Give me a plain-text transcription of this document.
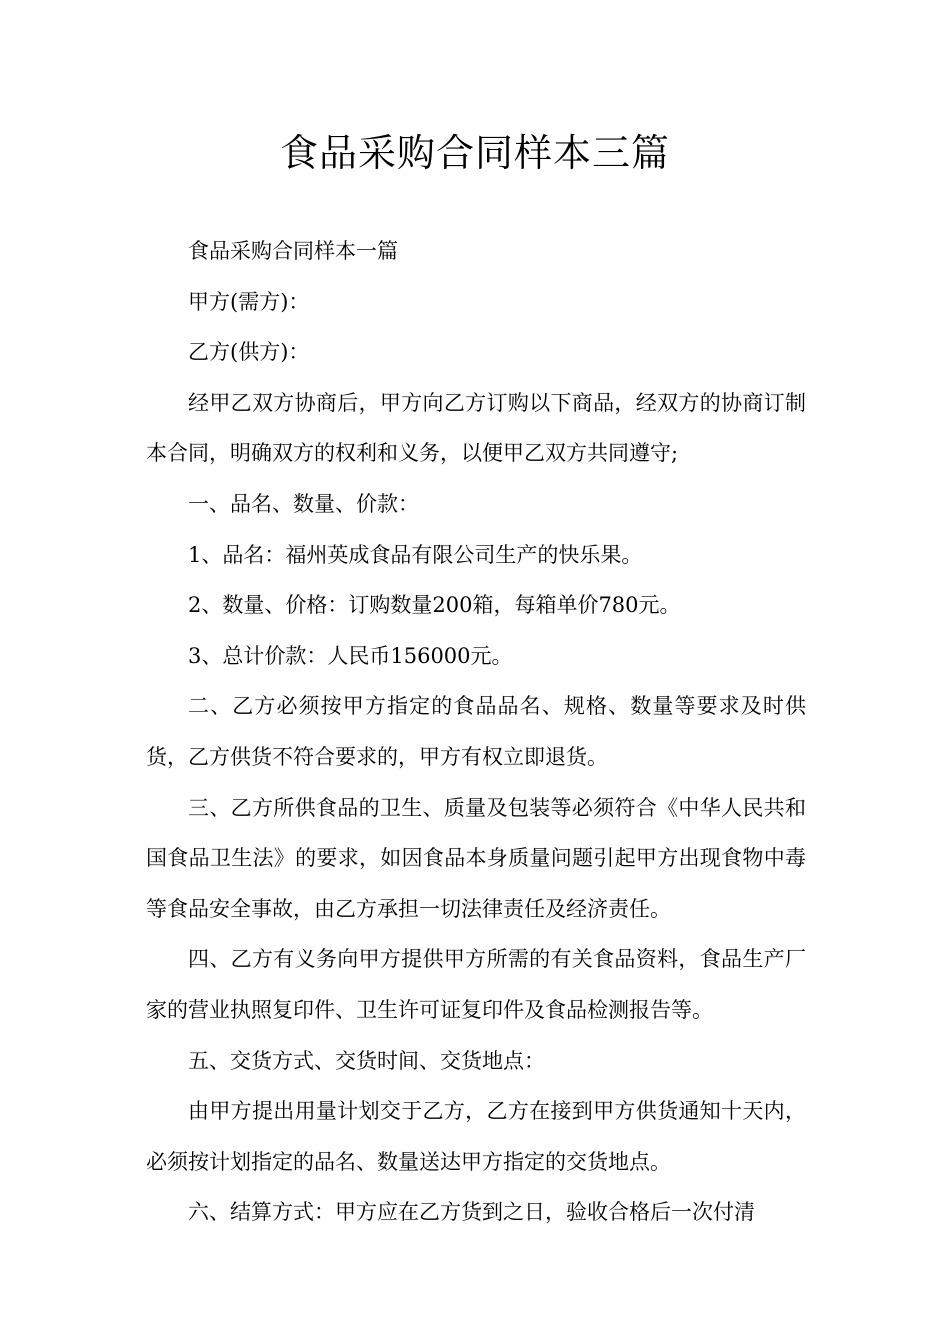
食品采购合同样本三篇

食品采购合同样本一篇

甲方(需方)：

乙方(供方)：

经甲乙双方协商后，甲方向乙方订购以下商品，经双方的协商订制本合同，明确双方的权利和义务，以便甲乙双方共同遵守;

一、品名、数量、价款：

1、品名：福州英成食品有限公司生产的快乐果。

2、数量、价格：订购数量200箱，每箱单价780元。

3、总计价款：人民币156000元。

二、乙方必须按甲方指定的食品品名、规格、数量等要求及时供货，乙方供货不符合要求的，甲方有权立即退货。

三、乙方所供食品的卫生、质量及包装等必须符合《中华人民共和国食品卫生法》的要求，如因食品本身质量问题引起甲方出现食物中毒等食品安全事故，由乙方承担一切法律责任及经济责任。

四、乙方有义务向甲方提供甲方所需的有关食品资料，食品生产厂家的营业执照复印件、卫生许可证复印件及食品检测报告等。

五、交货方式、交货时间、交货地点：

由甲方提出用量计划交于乙方，乙方在接到甲方供货通知十天内，必须按计划指定的品名、数量送达甲方指定的交货地点。

六、结算方式：甲方应在乙方货到之日，验收合格后一次付清
